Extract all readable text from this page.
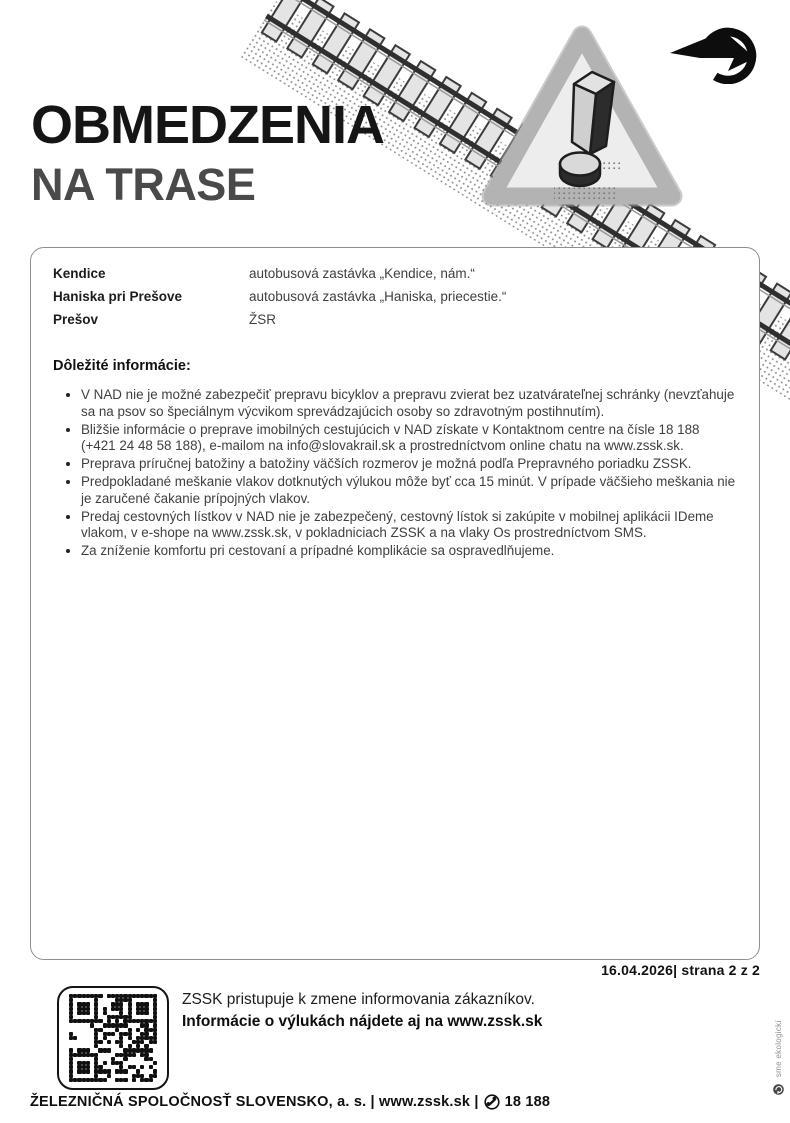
OBMEDZENIA
NA TRASE
Kendice	autobusová zastávka „Kendice, nám.“
Haniska pri Prešove	autobusová zastávka „Haniska, priecestie.“
Prešov	ŽSR
Dôležité informácie:
• V NAD nie je možné zabezpečiť prepravu bicyklov a prepravu zvierat bez uzatvárateľnej schránky (nevzťahuje sa na psov so špeciálnym výcvikom sprevádzajúcich osoby so zdravotným postihnutím).
• Bližšie informácie o preprave imobilných cestujúcich v NAD získate v Kontaktnom centre na čísle 18 188 (+421 24 48 58 188), e-mailom na info@slovakrail.sk a prostredníctvom online chatu na www.zssk.sk.
• Preprava príručnej batožiny a batožiny väčších rozmerov je možná podľa Prepravného poriadku ZSSK.
• Predpokladané meškanie vlakov dotknutých výlukou môže byť cca 15 minút. V prípade väčšieho meškania nie je zaručené čakanie prípojných vlakov.
• Predaj cestovných lístkov v NAD nie je zabezpečený, cestovný lístok si zakúpite v mobilnej aplikácii IDeme vlakom, v e-shope na www.zssk.sk, v pokladniciach ZSSK a na vlaky Os prostredníctvom SMS.
• Za zníženie komfortu pri cestovaní a prípadné komplikácie sa ospravedlňujeme.
16.04.2026| strana 2 z 2
ZSSK pristupuje k zmene informovania zákazníkov.
Informácie o výlukách nájdete aj na www.zssk.sk
ŽELEZNIČNÁ SPOLOČNOSŤ SLOVENSKO, a. s. | www.zssk.sk | 18 188
sme ekologickí
